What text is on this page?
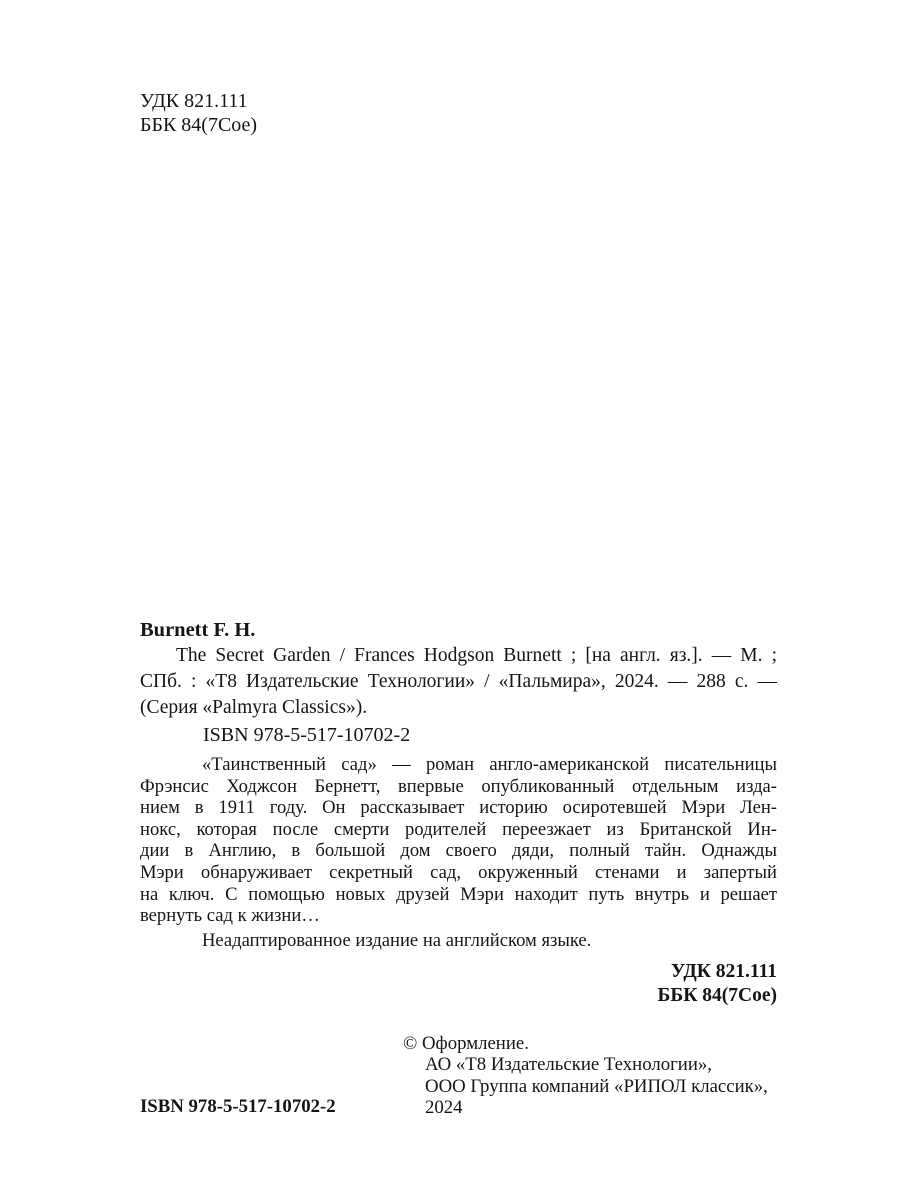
УДК 821.111
ББК 84(7Сое)
Burnett F. H.
The Secret Garden / Frances Hodgson Burnett ; [на англ. яз.]. — М. ;
СПб. : «Т8 Издательские Технологии» / «Пальмира», 2024. — 288 с. —
(Серия «Palmyra Classics»).
ISBN 978-5-517-10702-2
«Таинственный сад» — роман англо-американской писательницы
Фрэнсис Ходжсон Бернетт, впервые опубликованный отдельным изда-
нием в 1911 году. Он рассказывает историю осиротевшей Мэри Лен-
нокс, которая после смерти родителей переезжает из Британской Ин-
дии в Англию, в большой дом своего дяди, полный тайн. Однажды
Мэри обнаруживает секретный сад, окруженный стенами и запертый
на ключ. С помощью новых друзей Мэри находит путь внутрь и решает
вернуть сад к жизни…
Неадаптированное издание на английском языке.
УДК 821.111
ББК 84(7Сое)
ISBN 978-5-517-10702-2
© Оформление.
АО «Т8 Издательские Технологии»,
ООО Группа компаний «РИПОЛ классик», 2024
